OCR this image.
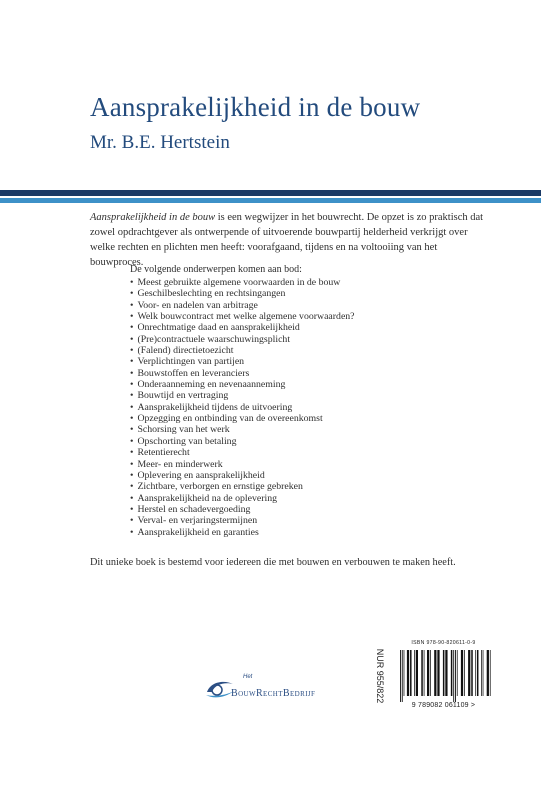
Aansprakelijkheid in de bouw
Mr. B.E. Hertstein

Aansprakelijkheid in de bouw is een wegwijzer in het bouwrecht. De opzet is zo praktisch dat zowel opdrachtgever als ontwerpende of uitvoerende bouwpartij helderheid verkrijgt over welke rechten en plichten men heeft: voorafgaand, tijdens en na voltooiing van het bouwproces.

De volgende onderwerpen komen aan bod:
• Meest gebruikte algemene voorwaarden in de bouw
• Geschilbeslechting en rechtsingangen
• Voor- en nadelen van arbitrage
• Welk bouwcontract met welke algemene voorwaarden?
• Onrechtmatige daad en aansprakelijkheid
• (Pre)contractuele waarschuwingsplicht
• (Falend) directietoezicht
• Verplichtingen van partijen
• Bouwstoffen en leveranciers
• Onderaanneming en nevenaanneming
• Bouwtijd en vertraging
• Aansprakelijkheid tijdens de uitvoering
• Opzegging en ontbinding van de overeenkomst
• Schorsing van het werk
• Opschorting van betaling
• Retentierecht
• Meer- en minderwerk
• Oplevering en aansprakelijkheid
• Zichtbare, verborgen en ernstige gebreken
• Aansprakelijkheid na de oplevering
• Herstel en schadevergoeding
• Verval- en verjaringstermijnen
• Aansprakelijkheid en garanties
Dit unieke boek is bestemd voor iedereen die met bouwen en verbouwen te maken heeft.
Het
BouwRechtBedrijf	NUR 955/822
ISBN 978-90-820611-0-9
9 789082 061109 >
